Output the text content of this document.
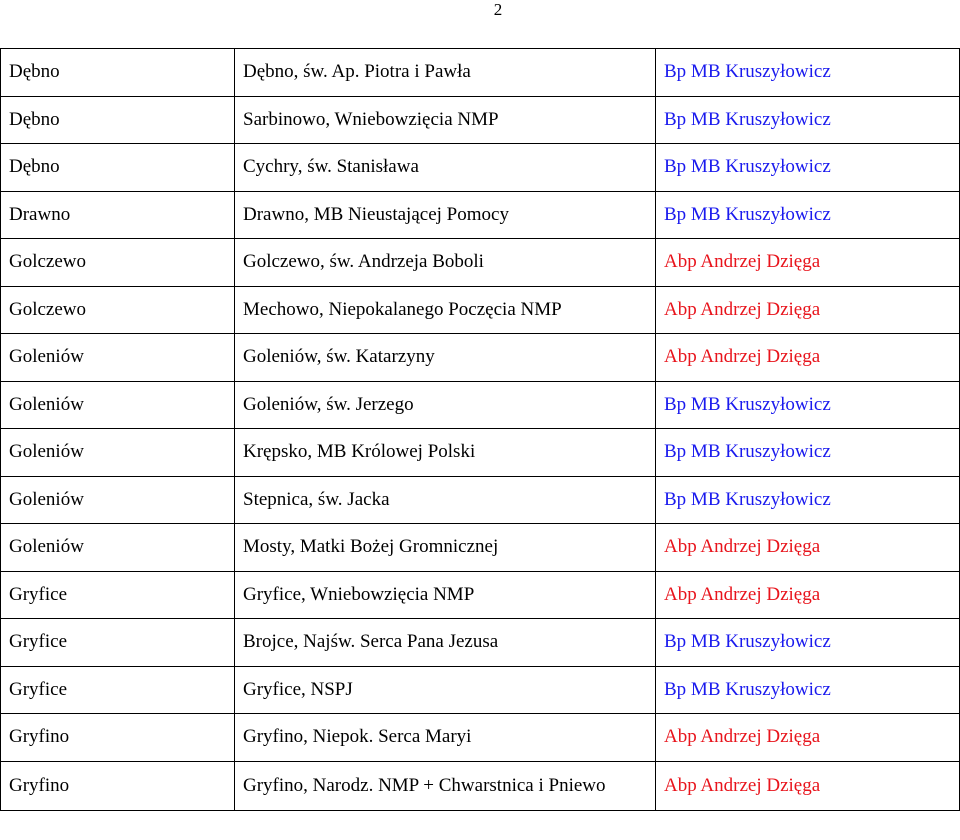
2
Dębno	Dębno, św. Ap. Piotra i Pawła	Bp MB Kruszyłowicz
Dębno	Sarbinowo, Wniebowzięcia NMP	Bp MB Kruszyłowicz
Dębno	Cychry, św. Stanisława	Bp MB Kruszyłowicz
Drawno	Drawno, MB Nieustającej Pomocy	Bp MB Kruszyłowicz
Golczewo	Golczewo, św. Andrzeja Boboli	Abp Andrzej Dzięga
Golczewo	Mechowo, Niepokalanego Poczęcia NMP	Abp Andrzej Dzięga
Goleniów	Goleniów, św. Katarzyny	Abp Andrzej Dzięga
Goleniów	Goleniów, św. Jerzego	Bp MB Kruszyłowicz
Goleniów	Krępsko, MB Królowej Polski	Bp MB Kruszyłowicz
Goleniów	Stepnica, św. Jacka	Bp MB Kruszyłowicz
Goleniów	Mosty, Matki Bożej Gromnicznej	Abp Andrzej Dzięga
Gryfice	Gryfice, Wniebowzięcia NMP	Abp Andrzej Dzięga
Gryfice	Brojce, Najśw. Serca Pana Jezusa	Bp MB Kruszyłowicz
Gryfice	Gryfice, NSPJ	Bp MB Kruszyłowicz
Gryfino	Gryfino, Niepok. Serca Maryi	Abp Andrzej Dzięga
Gryfino	Gryfino, Narodz. NMP + Chwarstnica i Pniewo	Abp Andrzej Dzięga
